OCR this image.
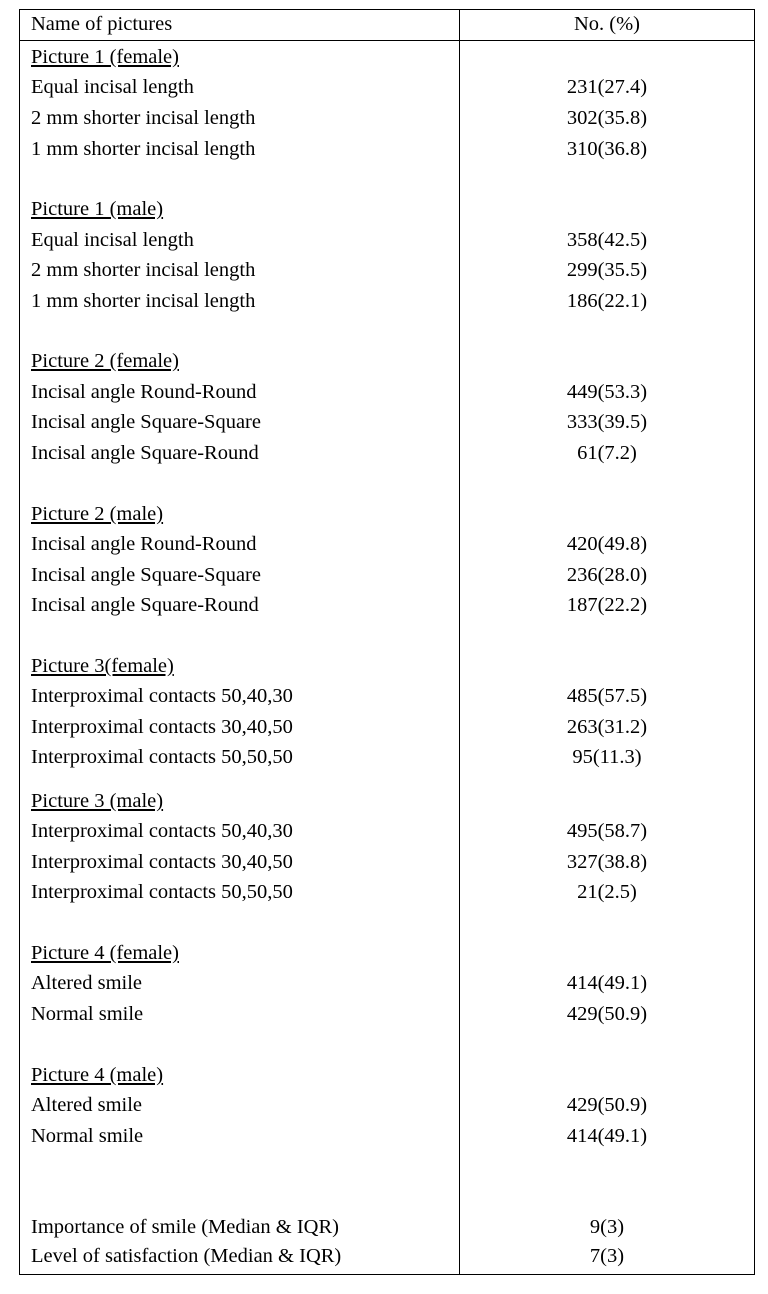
Name of pictures	No. (%)
Picture 1 (female)
Equal incisal length	231(27.4)
2 mm shorter incisal length	302(35.8)
1 mm shorter incisal length	310(36.8)
Picture 1 (male)
Equal incisal length	358(42.5)
2 mm shorter incisal length	299(35.5)
1 mm shorter incisal length	186(22.1)
Picture 2 (female)
Incisal angle Round-Round	449(53.3)
Incisal angle Square-Square	333(39.5)
Incisal angle Square-Round	61(7.2)
Picture 2 (male)
Incisal angle Round-Round	420(49.8)
Incisal angle Square-Square	236(28.0)
Incisal angle Square-Round	187(22.2)
Picture 3(female)
Interproximal contacts 50,40,30	485(57.5)
Interproximal contacts 30,40,50	263(31.2)
Interproximal contacts 50,50,50	95(11.3)
Picture 3 (male)
Interproximal contacts 50,40,30	495(58.7)
Interproximal contacts 30,40,50	327(38.8)
Interproximal contacts 50,50,50	21(2.5)
Picture 4 (female)
Altered smile	414(49.1)
Normal smile	429(50.9)
Picture 4 (male)
Altered smile	429(50.9)
Normal smile	414(49.1)
Importance of smile (Median & IQR)	9(3)
Level of satisfaction (Median & IQR)	7(3)
